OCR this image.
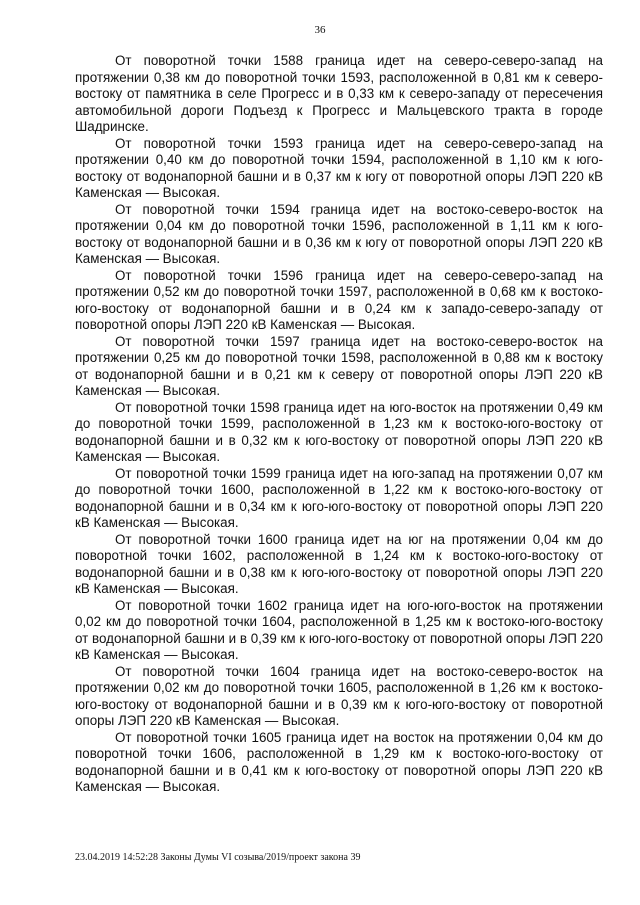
36

От поворотной точки 1588 граница идет на северо-северо-запад на протяжении 0,38 км до поворотной точки 1593, расположенной в 0,81 км к северо-востоку от памятника в селе Прогресс и в 0,33 км к северо-западу от пересечения автомобильной дороги Подъезд к Прогресс и Мальцевского тракта в городе Шадринске.

От поворотной точки 1593 граница идет на северо-северо-запад на протяжении 0,40 км до поворотной точки 1594, расположенной в 1,10 км к юго-востоку от водонапорной башни и в 0,37 км к югу от поворотной опоры ЛЭП 220 кВ Каменская — Высокая.

От поворотной точки 1594 граница идет на востоко-северо-восток на протяжении 0,04 км до поворотной точки 1596, расположенной в 1,11 км к юго-востоку от водонапорной башни и в 0,36 км к югу от поворотной опоры ЛЭП 220 кВ Каменская — Высокая.

От поворотной точки 1596 граница идет на северо-северо-запад на протяжении 0,52 км до поворотной точки 1597, расположенной в 0,68 км к востоко-юго-востоку от водонапорной башни и в 0,24 км к западо-северо-западу от поворотной опоры ЛЭП 220 кВ Каменская — Высокая.

От поворотной точки 1597 граница идет на востоко-северо-восток на протяжении 0,25 км до поворотной точки 1598, расположенной в 0,88 км к востоку от водонапорной башни и в 0,21 км к северу от поворотной опоры ЛЭП 220 кВ Каменская — Высокая.

От поворотной точки 1598 граница идет на юго-восток на протяжении 0,49 км до поворотной точки 1599, расположенной в 1,23 км к востоко-юго-востоку от водонапорной башни и в 0,32 км к юго-востоку от поворотной опоры ЛЭП 220 кВ Каменская — Высокая.

От поворотной точки 1599 граница идет на юго-запад на протяжении 0,07 км до поворотной точки 1600, расположенной в 1,22 км к востоко-юго-востоку от водонапорной башни и в 0,34 км к юго-юго-востоку от поворотной опоры ЛЭП 220 кВ Каменская — Высокая.

От поворотной точки 1600 граница идет на юг на протяжении 0,04 км до поворотной точки 1602, расположенной в 1,24 км к востоко-юго-востоку от водонапорной башни и в 0,38 км к юго-юго-востоку от поворотной опоры ЛЭП 220 кВ Каменская — Высокая.

От поворотной точки 1602 граница идет на юго-юго-восток на протяжении 0,02 км до поворотной точки 1604, расположенной в 1,25 км к востоко-юго-востоку от водонапорной башни и в 0,39 км к юго-юго-востоку от поворотной опоры ЛЭП 220 кВ Каменская — Высокая.

От поворотной точки 1604 граница идет на востоко-северо-восток на протяжении 0,02 км до поворотной точки 1605, расположенной в 1,26 км к востоко-юго-востоку от водонапорной башни и в 0,39 км к юго-юго-востоку от поворотной опоры ЛЭП 220 кВ Каменская — Высокая.

От поворотной точки 1605 граница идет на восток на протяжении 0,04 км до поворотной точки 1606, расположенной в 1,29 км к востоко-юго-востоку от водонапорной башни и в 0,41 км к юго-востоку от поворотной опоры ЛЭП 220 кВ Каменская — Высокая.

23.04.2019 14:52:28 Законы Думы VI созыва/2019/проект закона 39
